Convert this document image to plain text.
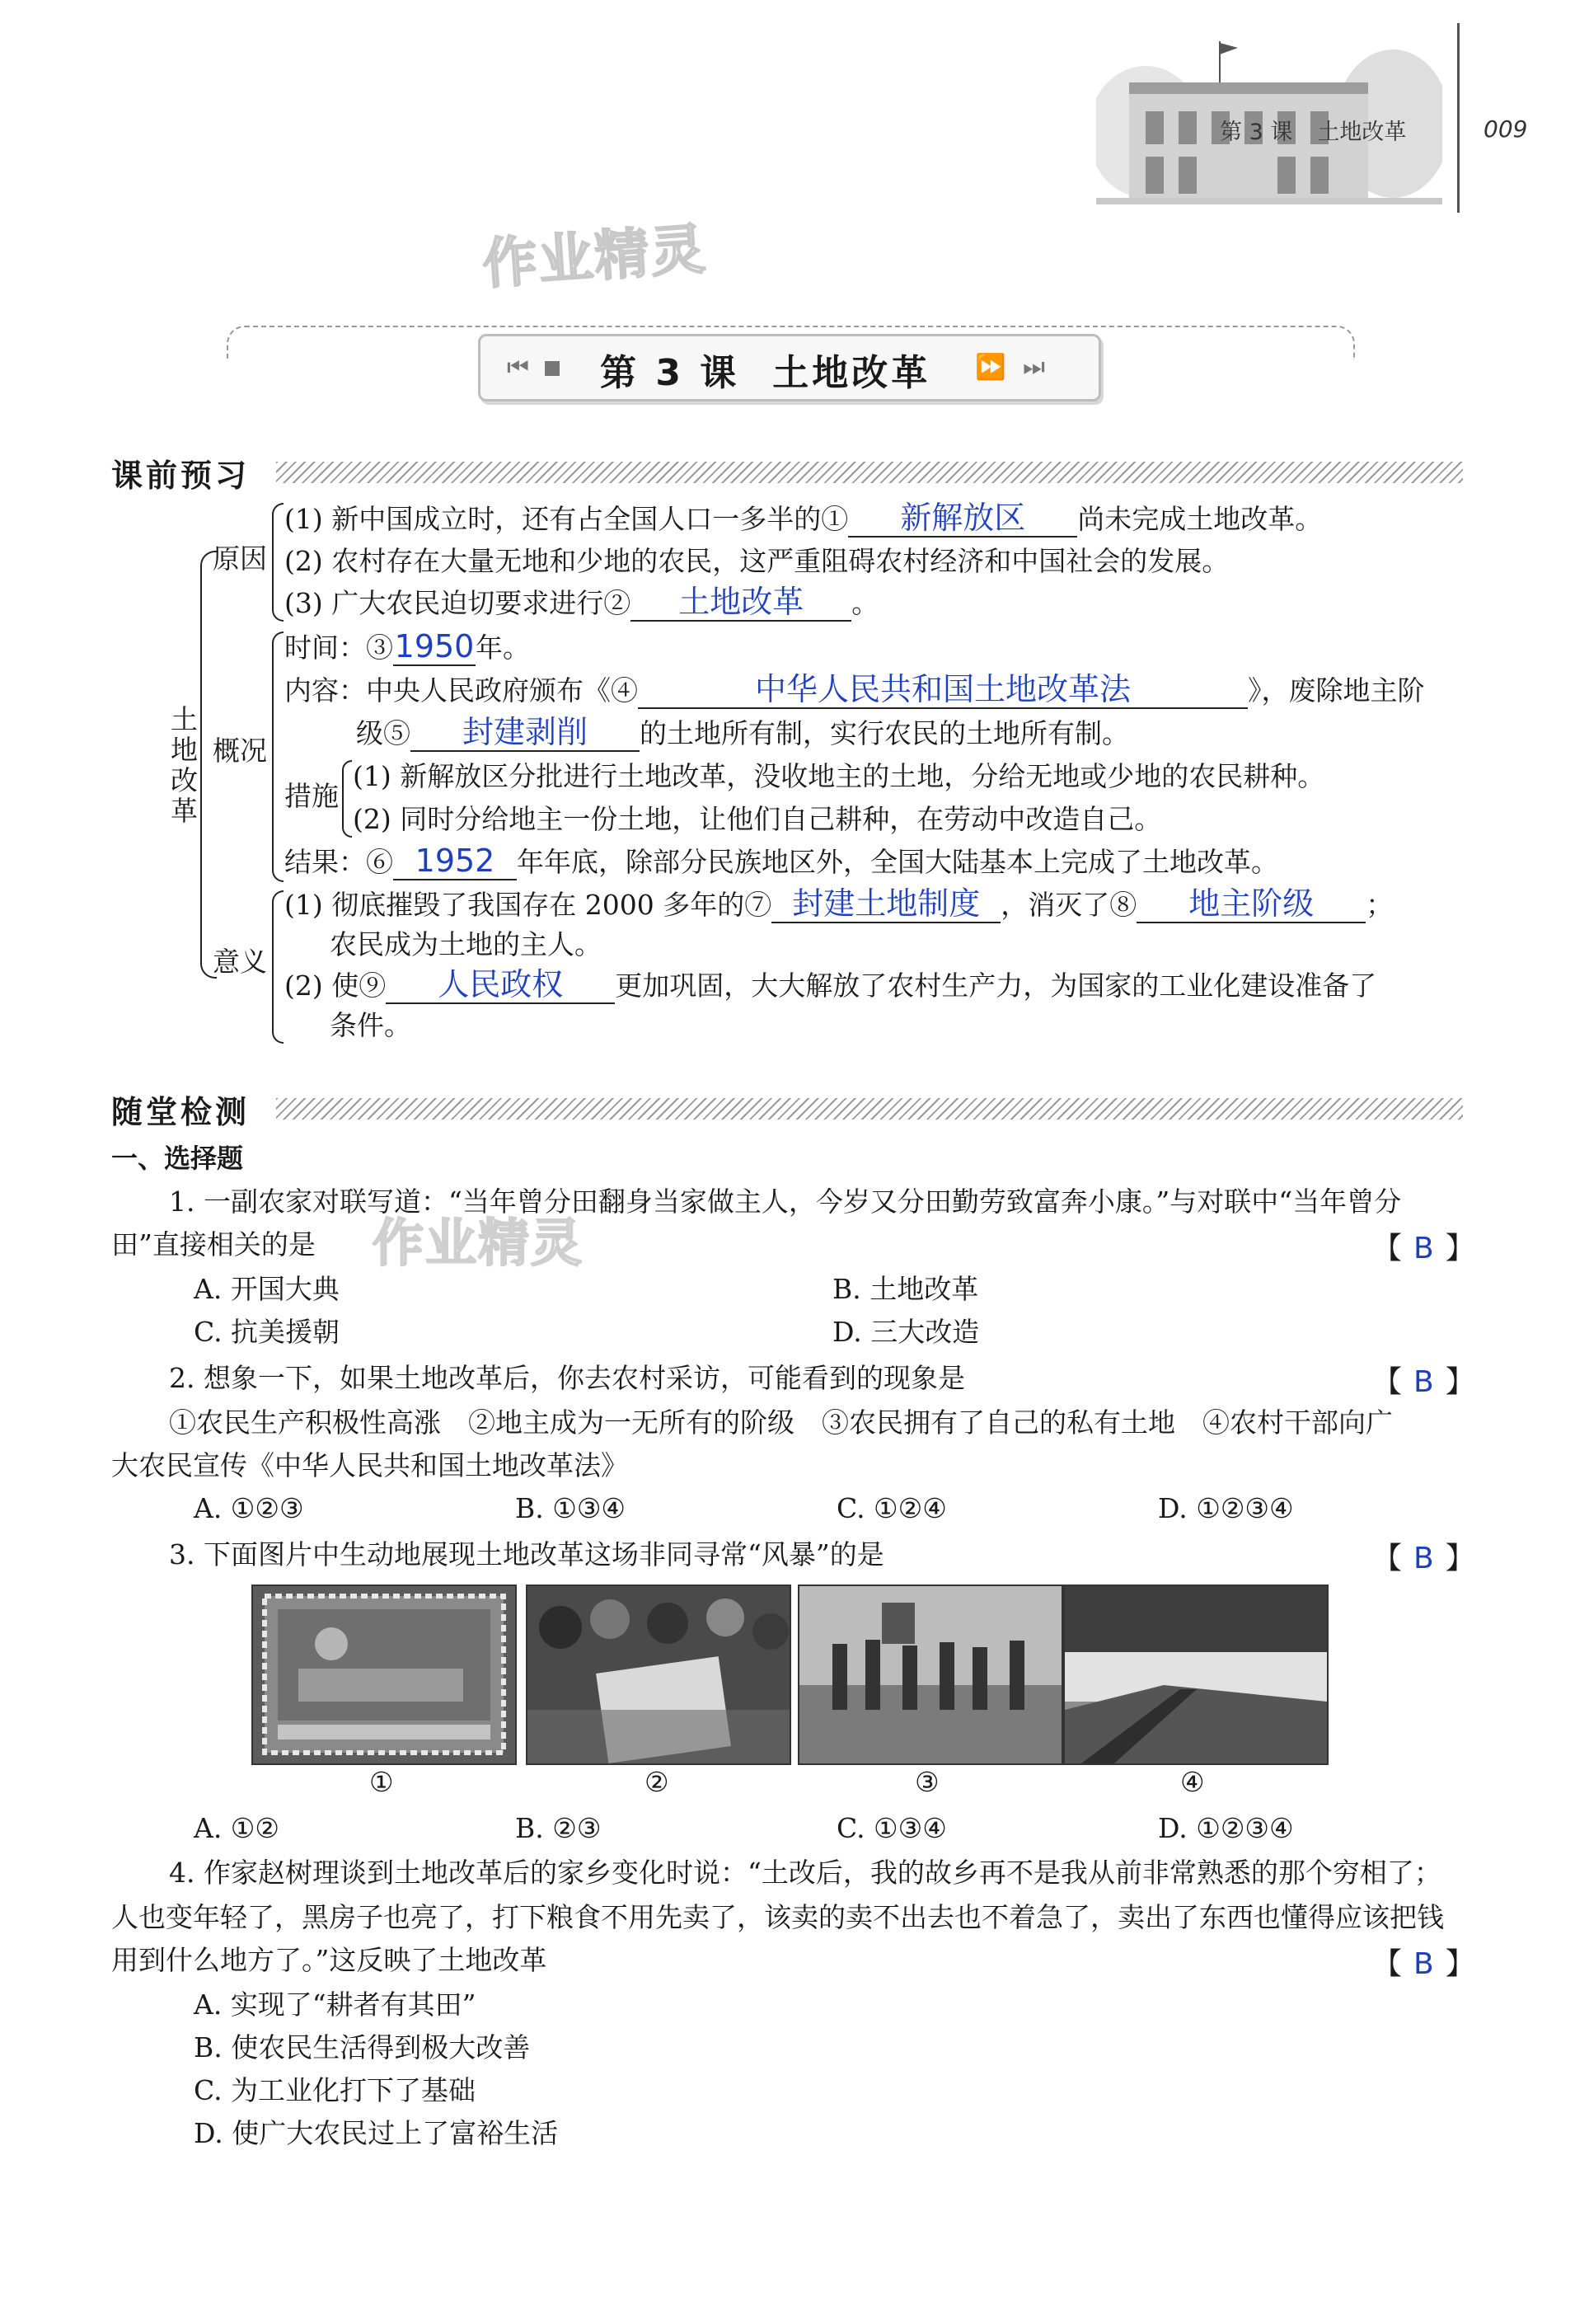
第 3 课 土地改革	009
作业精灵
⏮ 第 3 课 土地改革 ⏩ ⏭
课前预习
土地改革
原因
(1) 新中国成立时，还有占全国人口一多半的① 新解放区 尚未完成土地改革。
(2) 农村存在大量无地和少地的农民，这严重阻碍农村经济和中国社会的发展。
(3) 广大农民迫切要求进行② 土地改革 。
概况
时间：③1950年。
内容：中央人民政府颁布《④	中华人民共和国土地改革法	》，废除地主阶
级⑤ 封建剥削 的土地所有制，实行农民的土地所有制。
措施
(1) 新解放区分批进行土地改革，没收地主的土地，分给无地或少地的农民耕种。
(2) 同时分给地主一份土地，让他们自己耕种，在劳动中改造自己。
结果：⑥ 1952 年年底，除部分民族地区外，全国大陆基本上完成了土地改革。
意义
(1) 彻底摧毁了我国存在 2000 多年的⑦ 封建土地制度 ，消灭了⑧ 地主阶级 ；
农民成为土地的主人。
(2) 使⑨ 人民政权 更加巩固，大大解放了农村生产力，为国家的工业化建设准备了
条件。
随堂检测
一、选择题
作业精灵
1. 一副农家对联写道：“当年曾分田翻身当家做主人，今岁又分田勤劳致富奔小康。”与对联中“当年曾分
田”直接相关的是	【 B 】
A. 开国大典	B. 土地改革
C. 抗美援朝	D. 三大改造
2. 想象一下，如果土地改革后，你去农村采访，可能看到的现象是	【 B 】
①农民生产积极性高涨　②地主成为一无所有的阶级　③农民拥有了自己的私有土地　④农村干部向广
大农民宣传《中华人民共和国土地改革法》
A. ①②③	B. ①③④	C. ①②④	D. ①②③④
3. 下面图片中生动地展现土地改革这场非同寻常“风暴”的是	【 B 】
①	②	③	④
A. ①②	B. ②③	C. ①③④	D. ①②③④
4. 作家赵树理谈到土地改革后的家乡变化时说：“土改后，我的故乡再不是我从前非常熟悉的那个穷相了；
人也变年轻了，黑房子也亮了，打下粮食不用先卖了，该卖的卖不出去也不着急了，卖出了东西也懂得应该把钱
用到什么地方了。”这反映了土地改革	【 B 】
A. 实现了“耕者有其田”
B. 使农民生活得到极大改善
C. 为工业化打下了基础
D. 使广大农民过上了富裕生活
